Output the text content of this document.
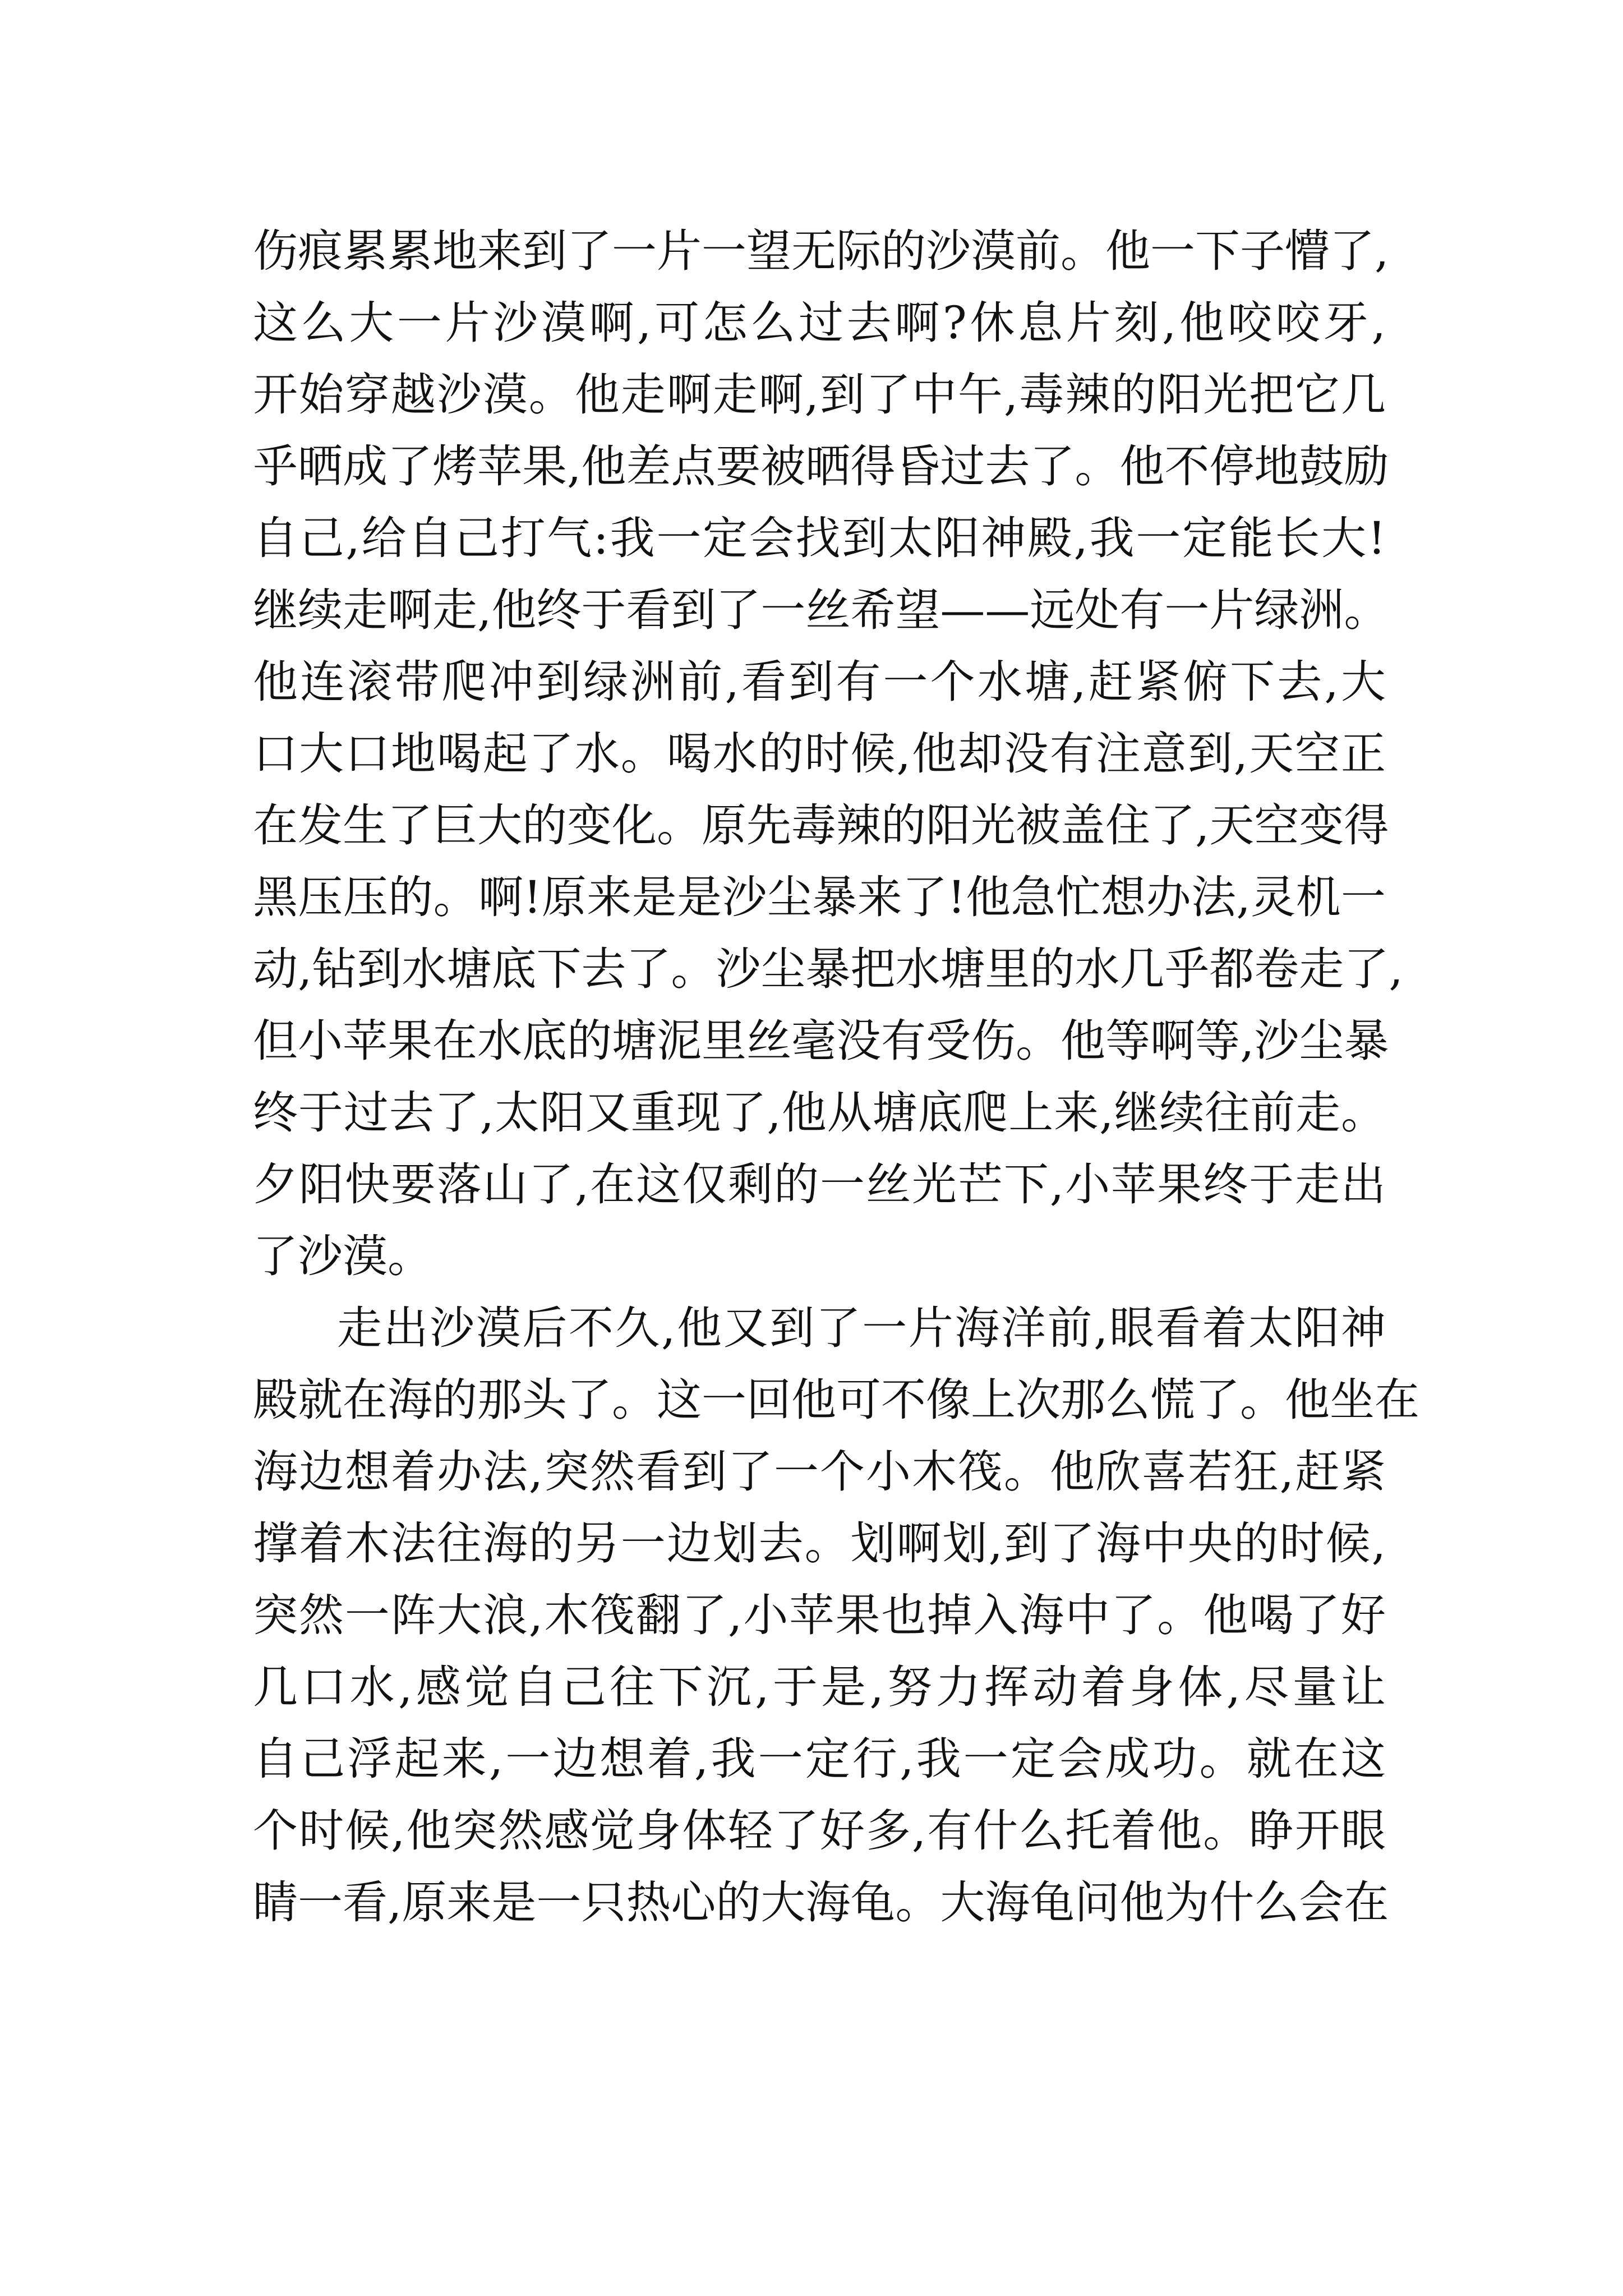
伤痕累累地来到了一片一望无际的沙漠前。他一下子懵了,
这么大一片沙漠啊,可怎么过去啊?休息片刻,他咬咬牙,
开始穿越沙漠。他走啊走啊,到了中午,毒辣的阳光把它几
乎晒成了烤苹果,他差点要被晒得昏过去了。他不停地鼓励
自己,给自己打气:我一定会找到太阳神殿,我一定能长大!
继续走啊走,他终于看到了一丝希望——远处有一片绿洲。
他连滚带爬冲到绿洲前,看到有一个水塘,赶紧俯下去,大
口大口地喝起了水。喝水的时候,他却没有注意到,天空正
在发生了巨大的变化。原先毒辣的阳光被盖住了,天空变得
黑压压的。啊!原来是是沙尘暴来了!他急忙想办法,灵机一
动,钻到水塘底下去了。沙尘暴把水塘里的水几乎都卷走了,
但小苹果在水底的塘泥里丝毫没有受伤。他等啊等,沙尘暴
终于过去了,太阳又重现了,他从塘底爬上来,继续往前走。
夕阳快要落山了,在这仅剩的一丝光芒下,小苹果终于走出
了沙漠。
走出沙漠后不久,他又到了一片海洋前,眼看着太阳神
殿就在海的那头了。这一回他可不像上次那么慌了。他坐在
海边想着办法,突然看到了一个小木筏。他欣喜若狂,赶紧
撑着木法往海的另一边划去。划啊划,到了海中央的时候,
突然一阵大浪,木筏翻了,小苹果也掉入海中了。他喝了好
几口水,感觉自己往下沉,于是,努力挥动着身体,尽量让
自己浮起来,一边想着,我一定行,我一定会成功。就在这
个时候,他突然感觉身体轻了好多,有什么托着他。睁开眼
睛一看,原来是一只热心的大海龟。大海龟问他为什么会在
